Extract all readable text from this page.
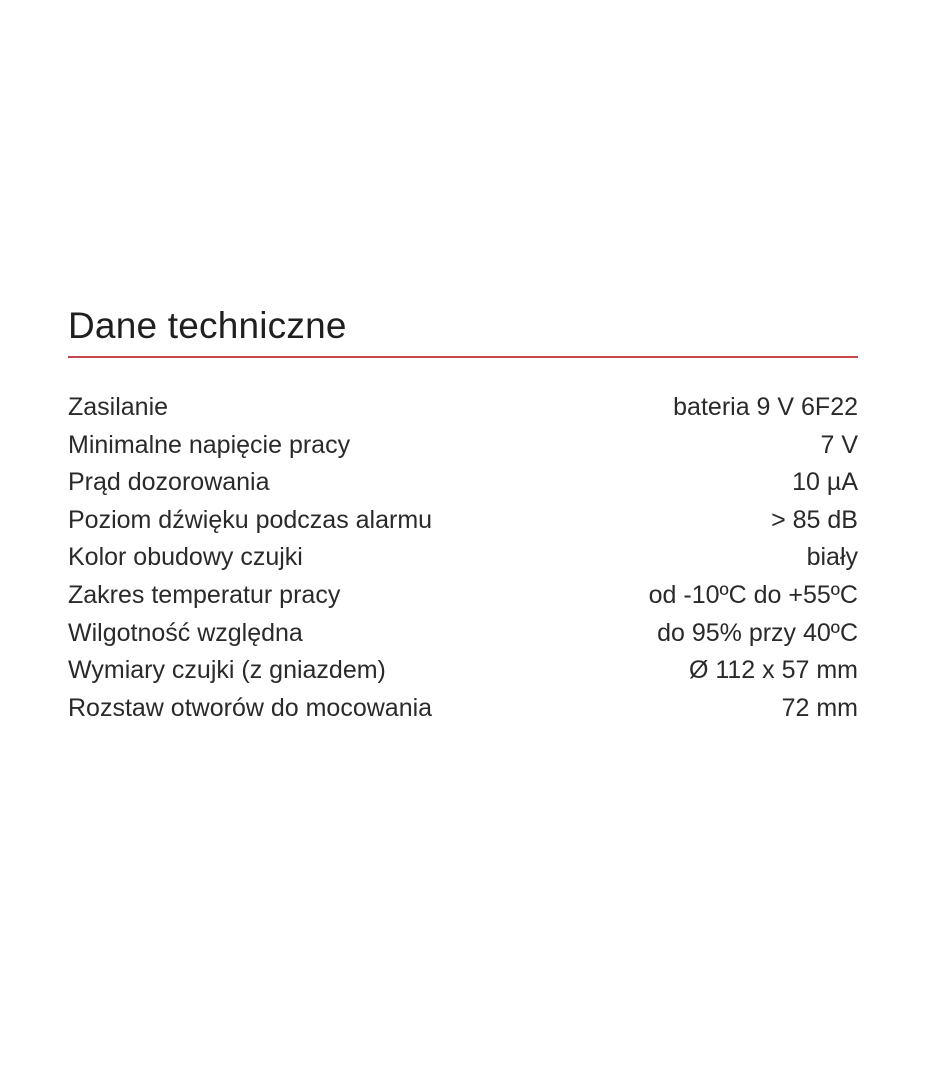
Dane techniczne
Zasilanie	bateria 9 V 6F22
Minimalne napięcie pracy	7 V
Prąd dozorowania	10 µA
Poziom dźwięku podczas alarmu	> 85 dB
Kolor obudowy czujki	biały
Zakres temperatur pracy	od -10ºC do +55ºC
Wilgotność względna	do 95% przy 40ºC
Wymiary czujki (z gniazdem)	Ø 112 x 57 mm
Rozstaw otworów do mocowania	72 mm
